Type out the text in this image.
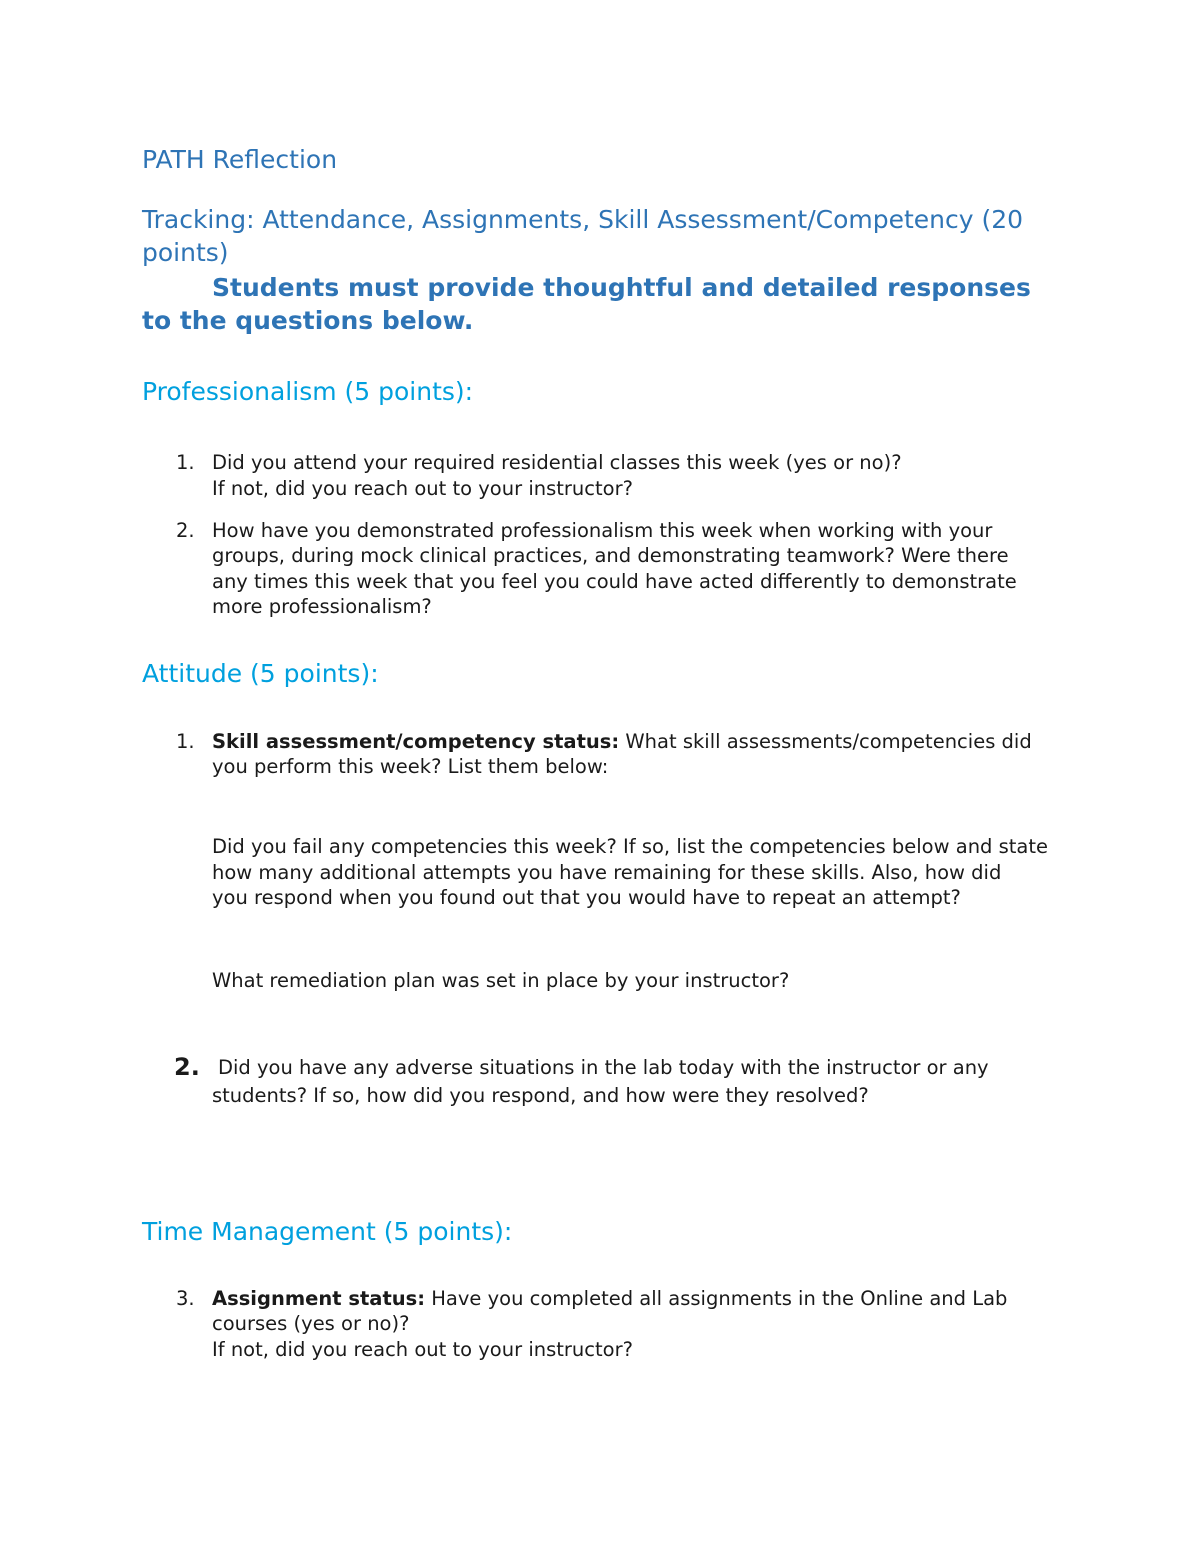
PATH Reflection
Tracking: Attendance, Assignments, Skill Assessment/Competency (20
points)
Students must provide thoughtful and detailed responses
to the questions below.
Professionalism (5 points):
1. Did you attend your required residential classes this week (yes or no)?
If not, did you reach out to your instructor?
2. How have you demonstrated professionalism this week when working with your
groups, during mock clinical practices, and demonstrating teamwork? Were there
any times this week that you feel you could have acted differently to demonstrate
more professionalism?
Attitude (5 points):
1. Skill assessment/competency status: What skill assessments/competencies did
you perform this week? List them below:
Did you fail any competencies this week? If so, list the competencies below and state
how many additional attempts you have remaining for these skills. Also, how did
you respond when you found out that you would have to repeat an attempt?
What remediation plan was set in place by your instructor?
2. Did you have any adverse situations in the lab today with the instructor or any
students? If so, how did you respond, and how were they resolved?
Time Management (5 points):
3. Assignment status: Have you completed all assignments in the Online and Lab
courses (yes or no)?
If not, did you reach out to your instructor?
